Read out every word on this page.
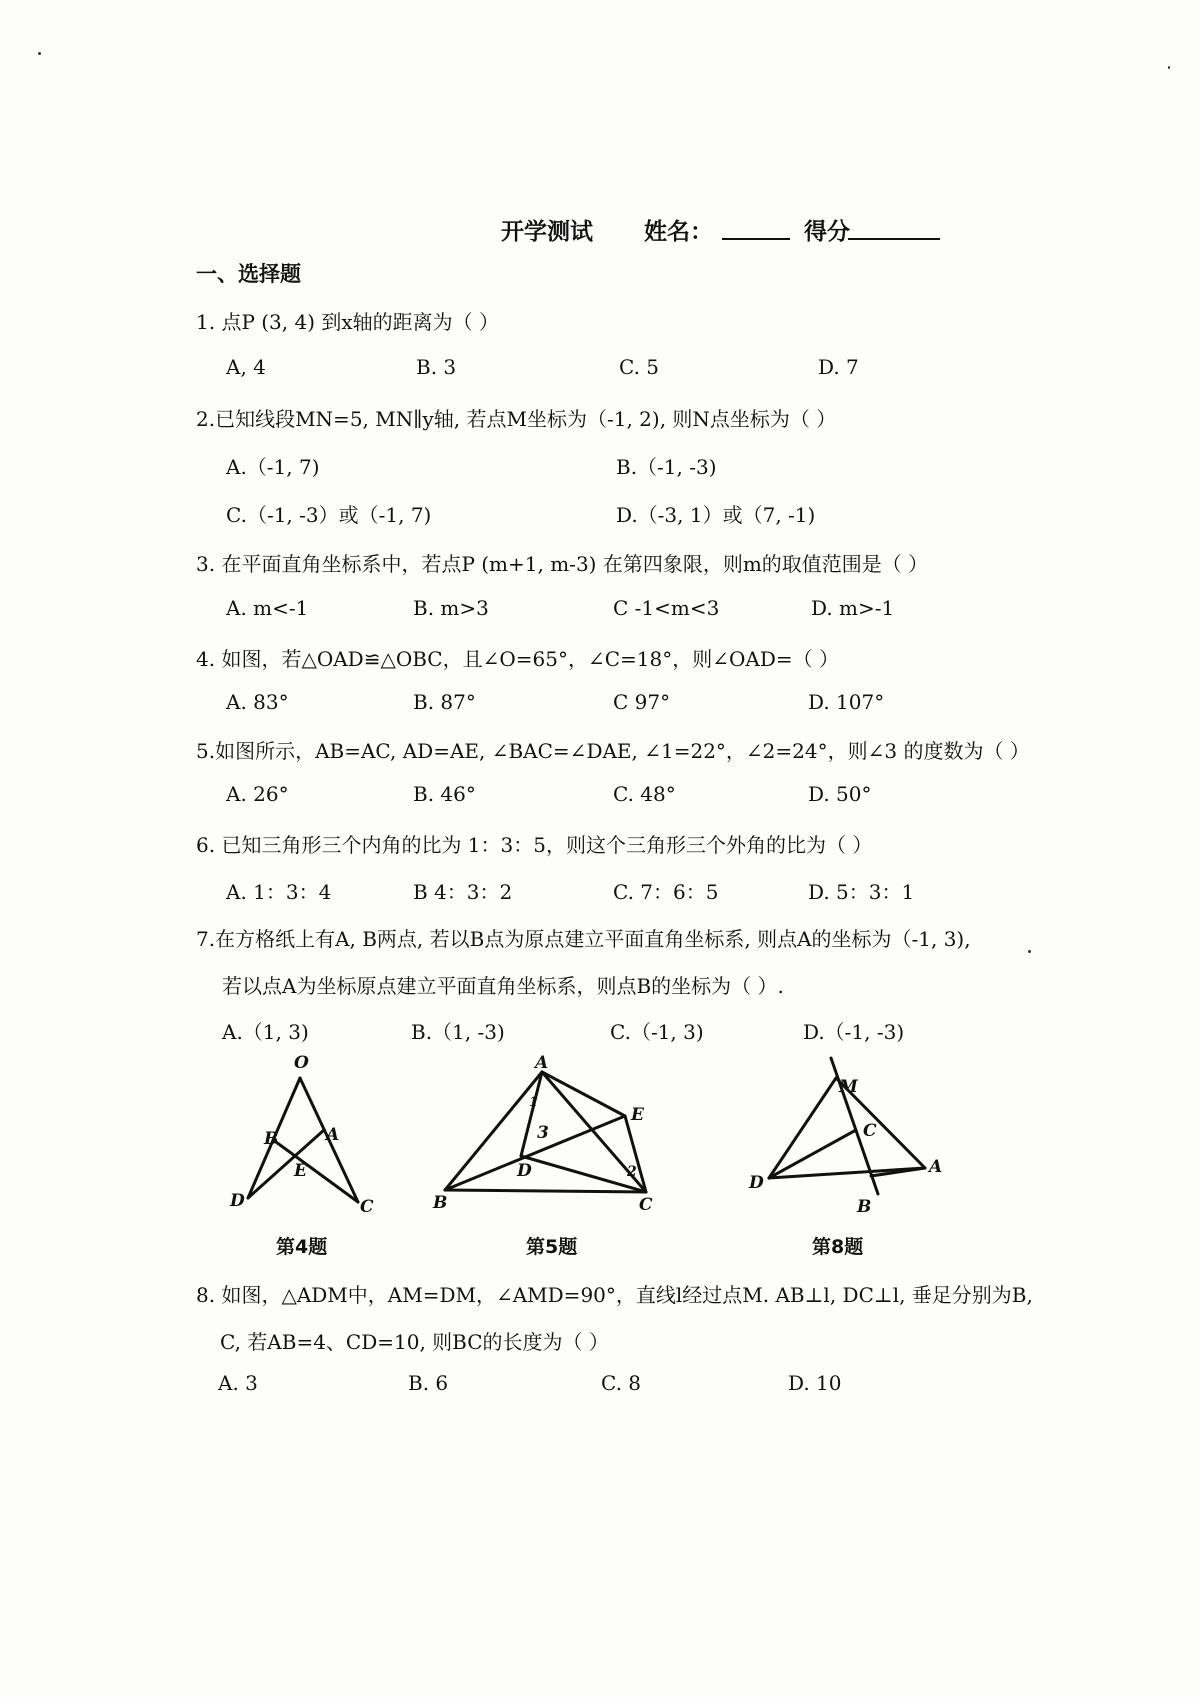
开学测试 姓名：	得分
一、选择题
1. 点P (3, 4) 到x轴的距离为（ ）
A, 4	B. 3	C. 5	D. 7
2.已知线段MN=5, MN∥y轴, 若点M坐标为（-1, 2), 则N点坐标为（ ）
A.（-1, 7)	B.（-1, -3)
C.（-1, -3）或（-1, 7)	D.（-3, 1）或（7, -1)
3. 在平面直角坐标系中，若点P (m+1, m-3) 在第四象限，则m的取值范围是（ ）
A. m<-1	B. m>3	C -1<m<3	D. m>-1
4. 如图，若△OAD≌△OBC，且∠O=65°，∠C=18°，则∠OAD=（ ）
A. 83°	B. 87°	C 97°	D. 107°
5.如图所示，AB=AC, AD=AE, ∠BAC=∠DAE, ∠1=22°，∠2=24°，则∠3 的度数为（ ）
A. 26°	B. 46°	C. 48°	D. 50°
6. 已知三角形三个内角的比为 1：3：5，则这个三角形三个外角的比为（ ）
A. 1：3：4	B 4：3：2	C. 7：6：5	D. 5：3：1
7.在方格纸上有A, B两点, 若以B点为原点建立平面直角坐标系, 则点A的坐标为（-1, 3),
若以点A为坐标原点建立平面直角坐标系，则点B的坐标为（ ）.
A.（1, 3)	B.（1, -3)	C.（-1, 3)	D.（-1, -3)
O
B	A
E
D	C
A
E
1
3
D	2
B	C
M
C
D
A
B
第4题	第5题	第8题
8. 如图，△ADM中，AM=DM，∠AMD=90°，直线l经过点M. AB⊥l, DC⊥l, 垂足分别为B,
C, 若AB=4、CD=10, 则BC的长度为（ ）
A. 3	B. 6	C. 8	D. 10
